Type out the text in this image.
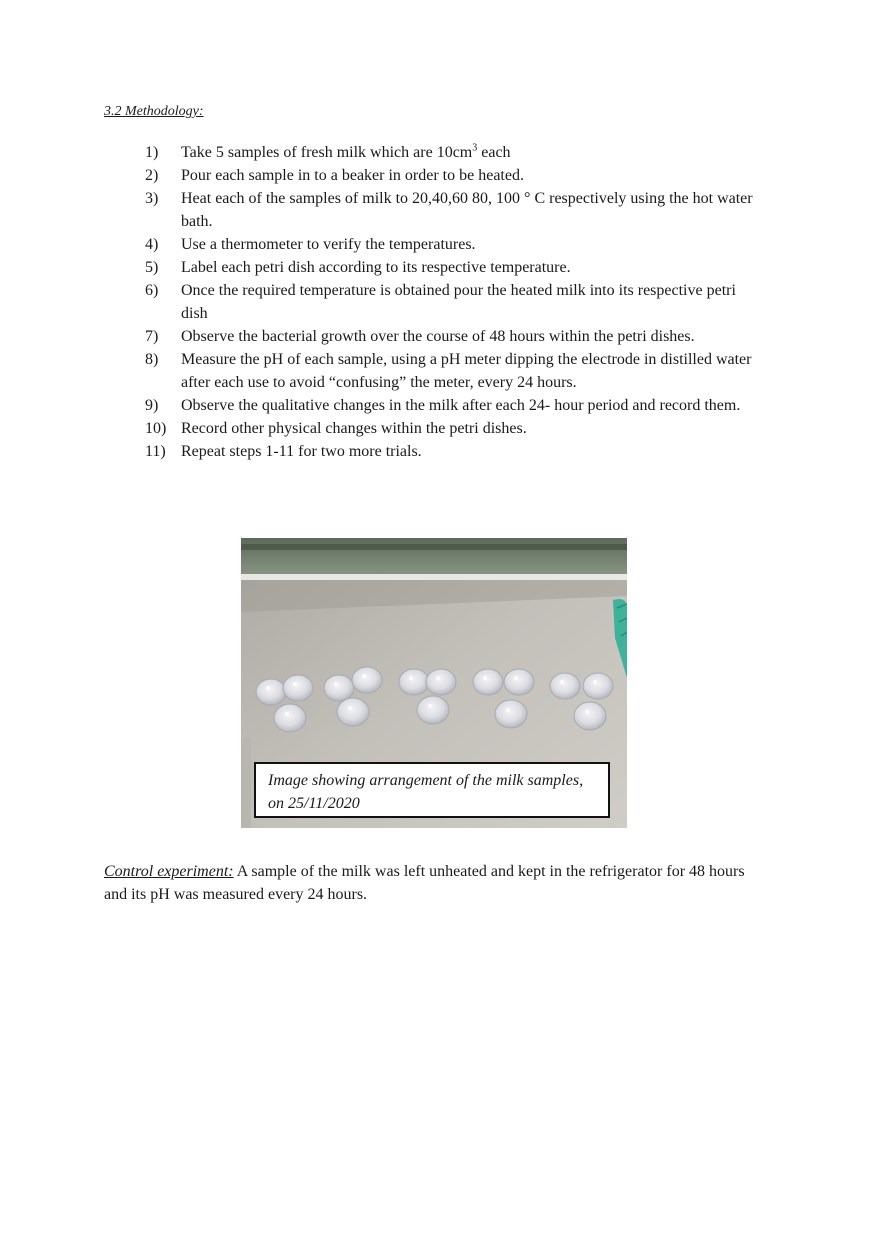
3.2 Methodology:
1)	Take 5 samples of fresh milk which are $10cm^3$ each
2)	Pour each sample in to a beaker in order to be heated.
3)	Heat each of the samples of milk to 20,40,60 80, 100 ° C respectively using the hot water bath.
4)	Use a thermometer to verify the temperatures.
5)	Label each petri dish according to its respective temperature.
6)	Once the required temperature is obtained pour the heated milk into its respective petri dish
7)	Observe the bacterial growth over the course of 48 hours within the petri dishes.
8)	Measure the pH of each sample, using a pH meter dipping the electrode in distilled water after each use to avoid “confusing” the meter, every 24 hours.
9)	Observe the qualitative changes in the milk after each 24- hour period and record them.
10) Record other physical changes within the petri dishes.
11) Repeat steps 1-11 for two more trials.
Image showing arrangement of the milk samples, on 25/11/2020
Control experiment: A sample of the milk was left unheated and kept in the refrigerator for 48 hours and its pH was measured every 24 hours.
